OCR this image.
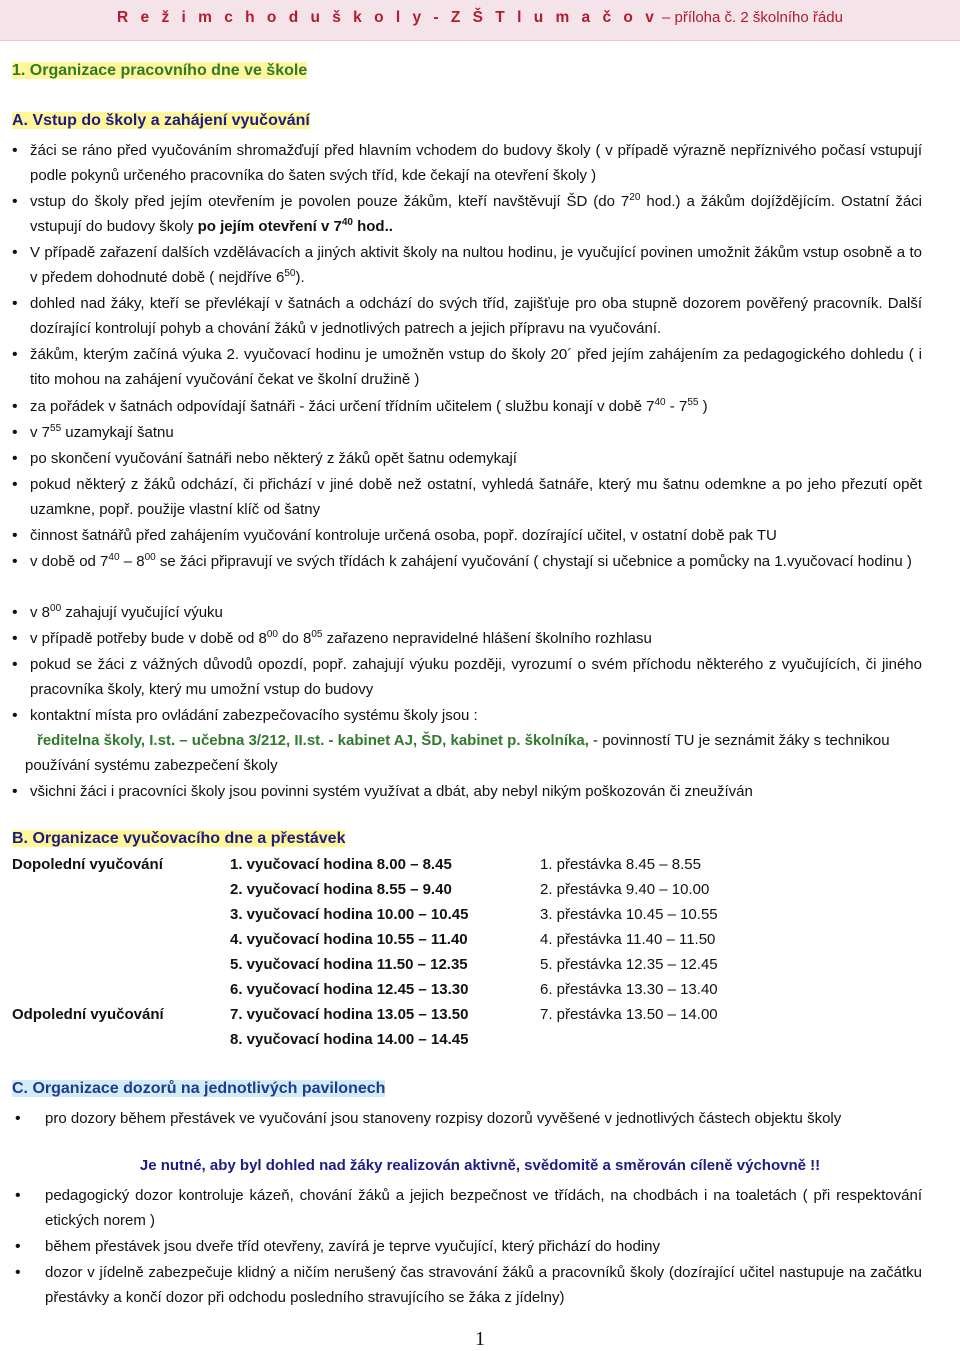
R e ž i m c h o d u š k o l y - Z Š T l u m a č o v – příloha č. 2 školního řádu
1. Organizace pracovního dne ve škole
A. Vstup do školy a zahájení vyučování
• žáci se ráno před vyučováním shromažďují před hlavním vchodem do budovy školy ( v případě výrazně nepříznivého počasí vstupují podle pokynů určeného pracovníka do šaten svých tříd, kde čekají na otevření školy )
• vstup do školy před jejím otevřením je povolen pouze žákům, kteří navštěvují ŠD (do $7^{20}$ hod.) a žákům dojíždějícím. Ostatní žáci vstupují do budovy školy po jejím otevření v $7^{40}$ hod..
• V případě zařazení dalších vzdělávacích a jiných aktivit školy na nultou hodinu, je vyučující povinen umožnit žákům vstup osobně a to v předem dohodnuté době ( nejdříve $6^{50}$).
• dohled nad žáky, kteří se převlékají v šatnách a odchází do svých tříd, zajišťuje pro oba stupně dozorem pověřený pracovník. Další dozírající kontrolují pohyb a chování žáků v jednotlivých patrech a jejich přípravu na vyučování.
• žákům, kterým začíná výuka 2. vyučovací hodinu je umožněn vstup do školy 20´ před jejím zahájením za pedagogického dohledu ( i tito mohou na zahájení vyučování čekat ve školní družině )
• za pořádek v šatnách odpovídají šatnáři - žáci určení třídním učitelem ( službu konají v době $7^{40} - 7^{55}$ )
• v $7^{55}$ uzamykají šatnu
• po skončení vyučování šatnáři nebo některý z žáků opět šatnu odemykají
• pokud některý z žáků odchází, či přichází v jiné době než ostatní, vyhledá šatnáře, který mu šatnu odemkne a po jeho přezutí opět uzamkne, popř. použije vlastní klíč od šatny
• činnost šatnářů před zahájením vyučování kontroluje určená osoba, popř. dozírající učitel, v ostatní době pak TU
• v době od $7^{40} - 8^{00}$ se žáci připravují ve svých třídách k zahájení vyučování ( chystají si učebnice a pomůcky na 1.vyučovací hodinu )
• v $8^{00}$ zahajují vyučující výuku
• v případě potřeby bude v době od $8^{00}$ do $8^{05}$ zařazeno nepravidelné hlášení školního rozhlasu
• pokud se žáci z vážných důvodů opozdí, popř. zahajují výuku později, vyrozumí o svém příchodu některého z vyučujících, či jiného pracovníka školy, který mu umožní vstup do budovy
• kontaktní místa pro ovládání zabezpečovacího systému školy jsou :
ředitelna školy, I.st. – učebna 3/212, II.st. - kabinet AJ, ŠD, kabinet p. školníka, - povinností TU je seznámit žáky s technikou používání systému zabezpečení školy
• všichni žáci i pracovníci školy jsou povinni systém využívat a dbát, aby nebyl nikým poškozován či zneužíván
B. Organizace vyučovacího dne a přestávek
Dopolední vyučování	1. vyučovací hodina 8.00 – 8.45	1. přestávka 8.45 – 8.55
2. vyučovací hodina 8.55 – 9.40	2. přestávka 9.40 – 10.00
3. vyučovací hodina 10.00 – 10.45	3. přestávka 10.45 – 10.55
4. vyučovací hodina 10.55 – 11.40	4. přestávka 11.40 – 11.50
5. vyučovací hodina 11.50 – 12.35	5. přestávka 12.35 – 12.45
6. vyučovací hodina 12.45 – 13.30	6. přestávka 13.30 – 13.40
Odpolední vyučování	7. vyučovací hodina 13.05 – 13.50	7. přestávka 13.50 – 14.00
8. vyučovací hodina 14.00 – 14.45
C. Organizace dozorů na jednotlivých pavilonech
• pro dozory během přestávek ve vyučování jsou stanoveny rozpisy dozorů vyvěšené v jednotlivých částech objektu školy
Je nutné, aby byl dohled nad žáky realizován aktivně, svědomitě a směrován cíleně výchovně !!
• pedagogický dozor kontroluje kázeň, chování žáků a jejich bezpečnost ve třídách, na chodbách i na toaletách ( při respektování etických norem )
• během přestávek jsou dveře tříd otevřeny, zavírá je teprve vyučující, který přichází do hodiny
• dozor v jídelně zabezpečuje klidný a ničím nerušený čas stravování žáků a pracovníků školy (dozírající učitel nastupuje na začátku přestávky a končí dozor při odchodu posledního stravujícího se žáka z jídelny)
1
